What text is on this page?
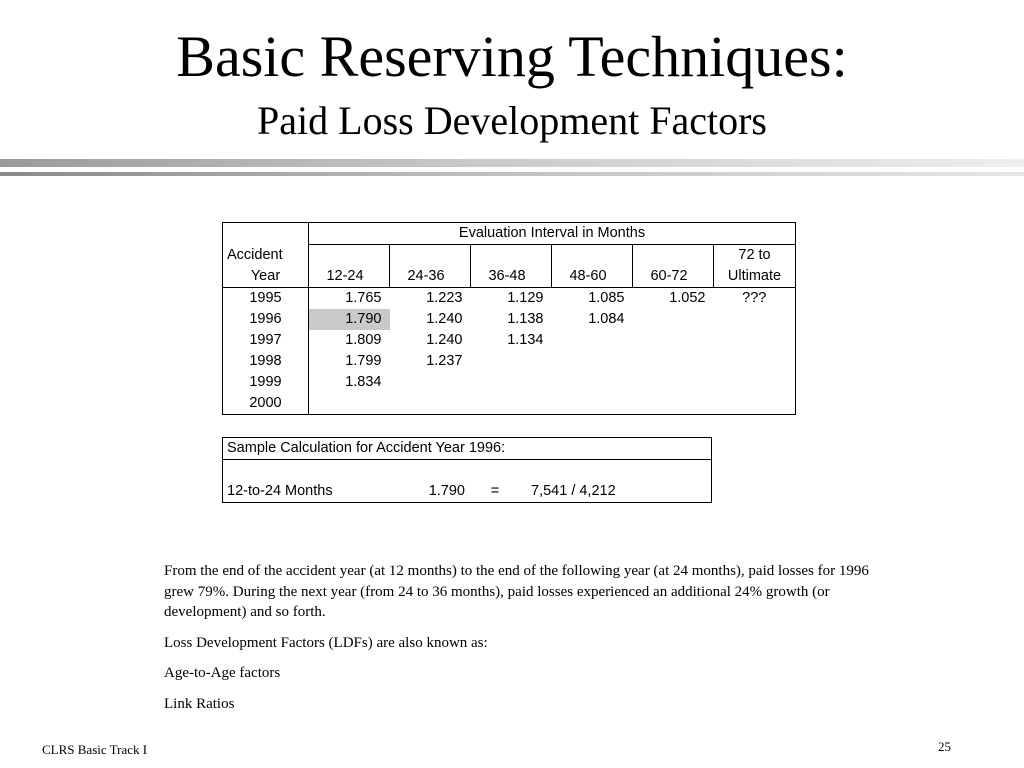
Basic Reserving Techniques:
Paid Loss Development Factors
	Evaluation Interval in Months					
Accident						72 to
Year	12-24	24-36	36-48	48-60	60-72	Ultimate
1995	1.765	1.223	1.129	1.085	1.052	???
1996	1.790	1.240	1.138	1.084		
1997	1.809	1.240	1.134			
1998	1.799	1.237				
1999	1.834					
2000						
Sample Calculation for Accident Year 1996:

12-to-24 Months	1.790	=	7,541 / 4,212

From the end of the accident year (at 12 months) to the end of the following year (at 24 months), paid losses for 1996 grew 79%. During the next year (from 24 to 36 months), paid losses experienced an additional 24% growth (or development) and so forth.

Loss Development Factors (LDFs) are also known as:

Age-to-Age factors

Link Ratios

CLRS Basic Track I	25
